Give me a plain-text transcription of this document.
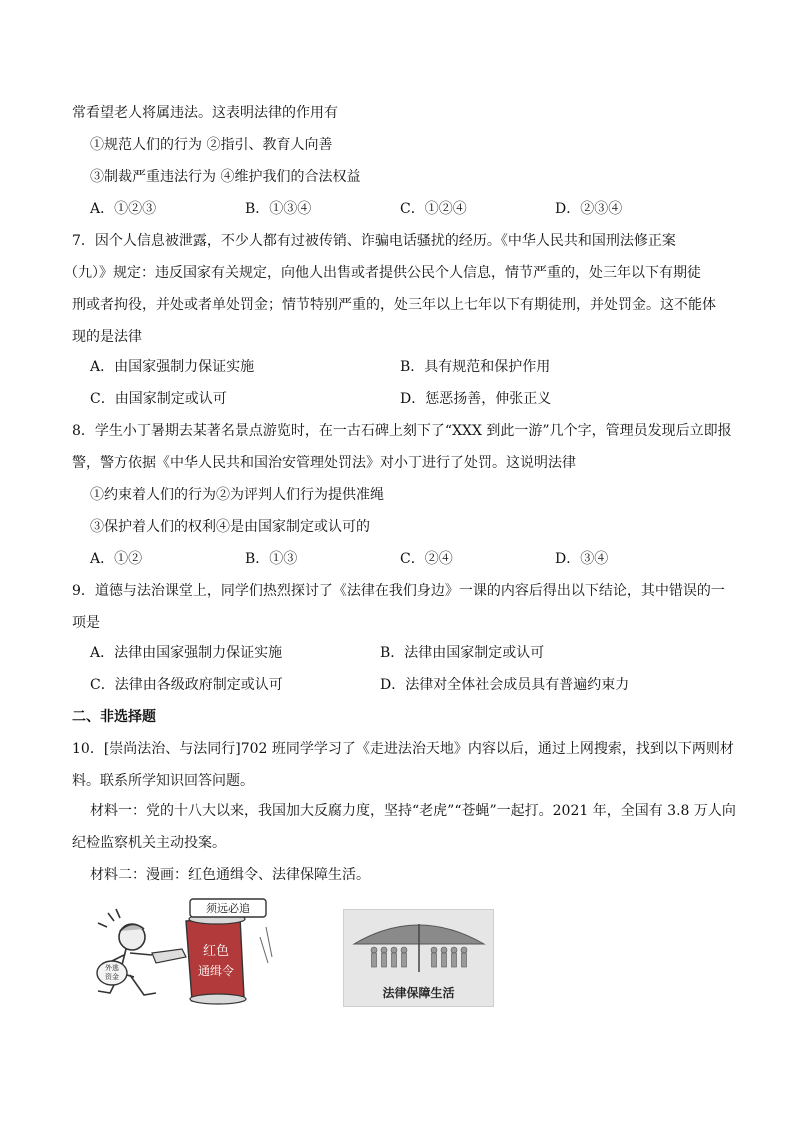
常看望老人将属违法。这表明法律的作用有
①规范人们的行为 ②指引、教育人向善
③制裁严重违法行为 ④维护我们的合法权益
A．①②③	B．①③④	C．①②④	D．②③④
7．因个人信息被泄露，不少人都有过被传销、诈骗电话骚扰的经历。《中华人民共和国刑法修正案
（九）》规定：违反国家有关规定，向他人出售或者提供公民个人信息，情节严重的，处三年以下有期徒
刑或者拘役，并处或者单处罚金；情节特别严重的，处三年以上七年以下有期徒刑，并处罚金。这不能体
现的是法律
A．由国家强制力保证实施	B．具有规范和保护作用
C．由国家制定或认可	D．惩恶扬善，伸张正义
8．学生小丁暑期去某著名景点游览时，在一古石碑上刻下了“XXX 到此一游”几个字，管理员发现后立即报
警，警方依据《中华人民共和国治安管理处罚法》对小丁进行了处罚。这说明法律
①约束着人们的行为②为评判人们行为提供准绳
③保护着人们的权利④是由国家制定或认可的
A．①②	B．①③	C．②④	D．③④
9．道德与法治课堂上，同学们热烈探讨了《法律在我们身边》一课的内容后得出以下结论，其中错误的一
项是
A．法律由国家强制力保证实施	B．法律由国家制定或认可
C．法律由各级政府制定或认可	D．法律对全体社会成员具有普遍约束力
二、非选择题
10．[崇尚法治、与法同行]702 班同学学习了《走进法治天地》内容以后，通过上网搜索，找到以下两则材
料。联系所学知识回答问题。
材料一：党的十八大以来，我国加大反腐力度，坚持“老虎”“苍蝇”一起打。2021 年，全国有 3.8 万人向
纪检监察机关主动投案。
材料二：漫画：红色通缉令、法律保障生活。
外逃
资金
红色
通缉令
须远必追
法律保障生活
